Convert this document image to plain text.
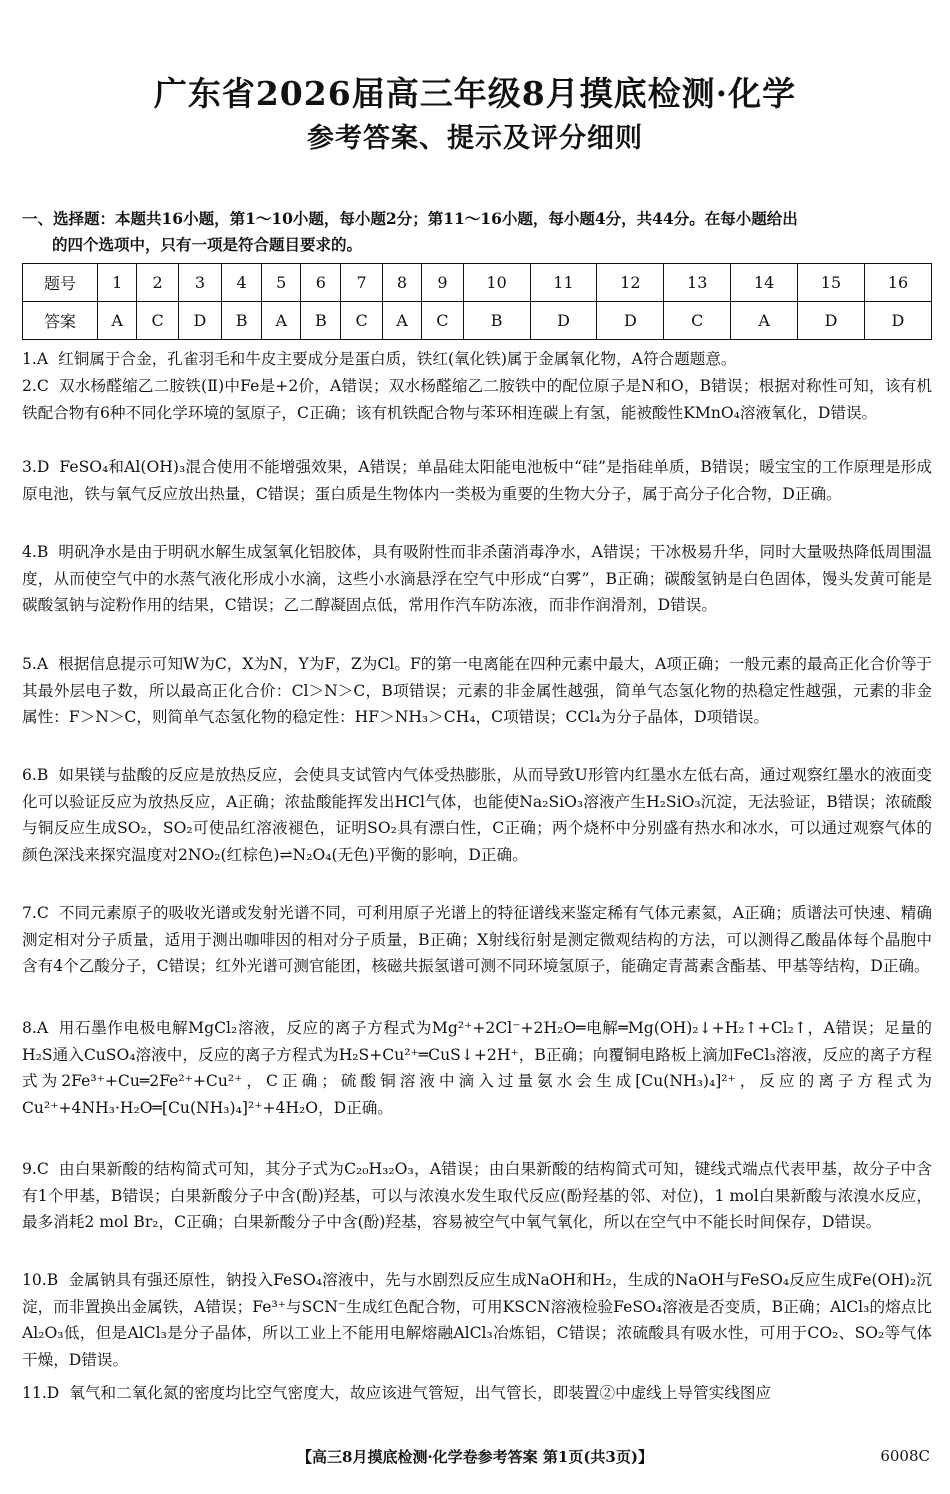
广东省2026届高三年级8月摸底检测·化学
参考答案、提示及评分细则
一、选择题：本题共16小题，第1～10小题，每小题2分；第11～16小题，每小题4分，共44分。在每小题给出
的四个选项中，只有一项是符合题目要求的。
题号	1	2	3	4	5	6	7	8	9	10	11	12	13	14	15	16
答案	A	C	D	B	A	B	C	A	C	B	D	D	C	A	D	D
1.A 红铜属于合金，孔雀羽毛和牛皮主要成分是蛋白质，铁红(氧化铁)属于金属氧化物，A符合题题意。
2.C 双水杨醛缩乙二胺铁(Ⅱ)中Fe是+2价，A错误；双水杨醛缩乙二胺铁中的配位原子是N和O，B错误；根据对称性可知，该有机铁配合物有6种不同化学环境的氢原子，C正确；该有机铁配合物与苯环相连碳上有氢，能被酸性KMnO₄溶液氧化，D错误。
3.D FeSO₄和Al(OH)₃混合使用不能增强效果，A错误；单晶硅太阳能电池板中“硅”是指硅单质，B错误；暖宝宝的工作原理是形成原电池，铁与氧气反应放出热量，C错误；蛋白质是生物体内一类极为重要的生物大分子，属于高分子化合物，D正确。
4.B 明矾净水是由于明矾水解生成氢氧化铝胶体，具有吸附性而非杀菌消毒净水，A错误；干冰极易升华，同时大量吸热降低周围温度，从而使空气中的水蒸气液化形成小水滴，这些小水滴悬浮在空气中形成“白雾”，B正确；碳酸氢钠是白色固体，馒头发黄可能是碳酸氢钠与淀粉作用的结果，C错误；乙二醇凝固点低，常用作汽车防冻液，而非作润滑剂，D错误。
5.A 根据信息提示可知W为C，X为N，Y为F，Z为Cl。F的第一电离能在四种元素中最大，A项正确；一般元素的最高正化合价等于其最外层电子数，所以最高正化合价：Cl＞N＞C，B项错误；元素的非金属性越强，简单气态氢化物的热稳定性越强，元素的非金属性：F＞N＞C，则简单气态氢化物的稳定性：HF＞NH₃＞CH₄，C项错误；CCl₄为分子晶体，D项错误。
6.B 如果镁与盐酸的反应是放热反应，会使具支试管内气体受热膨胀，从而导致U形管内红墨水左低右高，通过观察红墨水的液面变化可以验证反应为放热反应，A正确；浓盐酸能挥发出HCl气体，也能使Na₂SiO₃溶液产生H₂SiO₃沉淀，无法验证，B错误；浓硫酸与铜反应生成SO₂，SO₂可使品红溶液褪色，证明SO₂具有漂白性，C正确；两个烧杯中分别盛有热水和冰水，可以通过观察气体的颜色深浅来探究温度对2NO₂(红棕色)⇌N₂O₄(无色)平衡的影响，D正确。
7.C 不同元素原子的吸收光谱或发射光谱不同，可利用原子光谱上的特征谱线来鉴定稀有气体元素氦，A正确；质谱法可快速、精确测定相对分子质量，适用于测出咖啡因的相对分子质量，B正确；X射线衍射是测定微观结构的方法，可以测得乙酸晶体每个晶胞中含有4个乙酸分子，C错误；红外光谱可测官能团，核磁共振氢谱可测不同环境氢原子，能确定青蒿素含酯基、甲基等结构，D正确。
8.A 用石墨作电极电解MgCl₂溶液，反应的离子方程式为Mg²⁺+2Cl⁻+2H₂O═电解═Mg(OH)₂↓+H₂↑+Cl₂↑，A错误；足量的H₂S通入CuSO₄溶液中，反应的离子方程式为H₂S+Cu²⁺═CuS↓+2H⁺，B正确；向覆铜电路板上滴加FeCl₃溶液，反应的离子方程式为2Fe³⁺+Cu═2Fe²⁺+Cu²⁺，C正确；硫酸铜溶液中滴入过量氨水会生成[Cu(NH₃)₄]²⁺，反应的离子方程式为Cu²⁺+4NH₃·H₂O═[Cu(NH₃)₄]²⁺+4H₂O，D正确。
9.C 由白果新酸的结构简式可知，其分子式为C₂₀H₃₂O₃，A错误；由白果新酸的结构简式可知，键线式端点代表甲基，故分子中含有1个甲基，B错误；白果新酸分子中含(酚)羟基，可以与浓溴水发生取代反应(酚羟基的邻、对位)，1 mol白果新酸与浓溴水反应，最多消耗2 mol Br₂，C正确；白果新酸分子中含(酚)羟基，容易被空气中氧气氧化，所以在空气中不能长时间保存，D错误。
10.B 金属钠具有强还原性，钠投入FeSO₄溶液中，先与水剧烈反应生成NaOH和H₂，生成的NaOH与FeSO₄反应生成Fe(OH)₂沉淀，而非置换出金属铁，A错误；Fe³⁺与SCN⁻生成红色配合物，可用KSCN溶液检验FeSO₄溶液是否变质，B正确；AlCl₃的熔点比Al₂O₃低，但是AlCl₃是分子晶体，所以工业上不能用电解熔融AlCl₃冶炼铝，C错误；浓硫酸具有吸水性，可用于CO₂、SO₂等气体干燥，D错误。
11.D 氧气和二氧化氮的密度均比空气密度大，故应该进气管短，出气管长，即装置②中虚线上导管实线图应
【高三8月摸底检测·化学卷参考答案 第1页(共3页)】	6008C
